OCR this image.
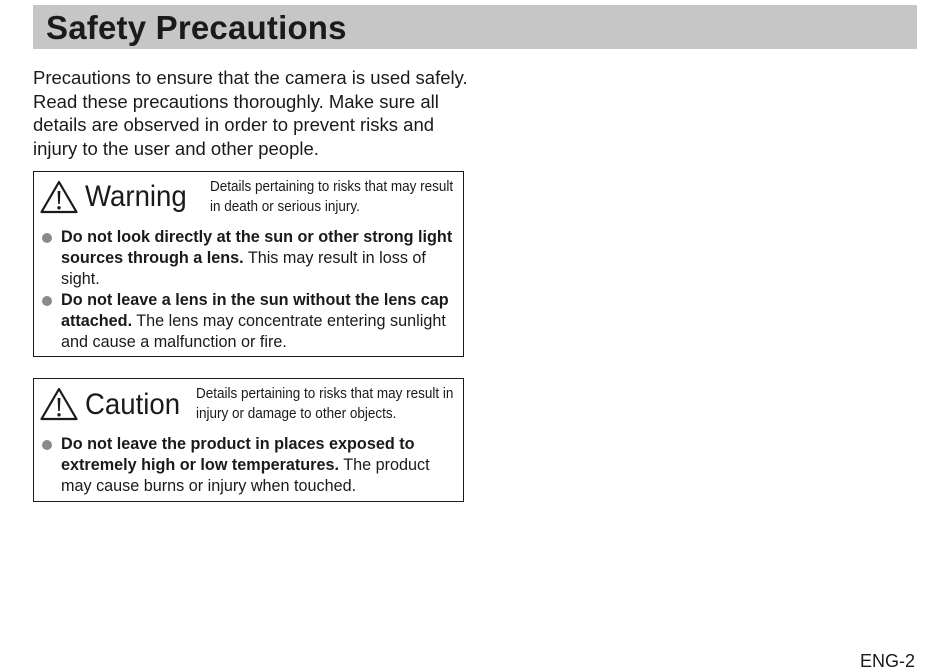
Safety Precautions

Precautions to ensure that the camera is used safely. Read these precautions thoroughly. Make sure all details are observed in order to prevent risks and injury to the user and other people.

Warning Details pertaining to risks that may result in death or serious injury.
Do not look directly at the sun or other strong light sources through a lens. This may result in loss of sight.
Do not leave a lens in the sun without the lens cap attached. The lens may concentrate entering sunlight and cause a malfunction or fire.
Caution Details pertaining to risks that may result in injury or damage to other objects.
Do not leave the product in places exposed to extremely high or low temperatures. The product may cause burns or injury when touched.
ENG-2
